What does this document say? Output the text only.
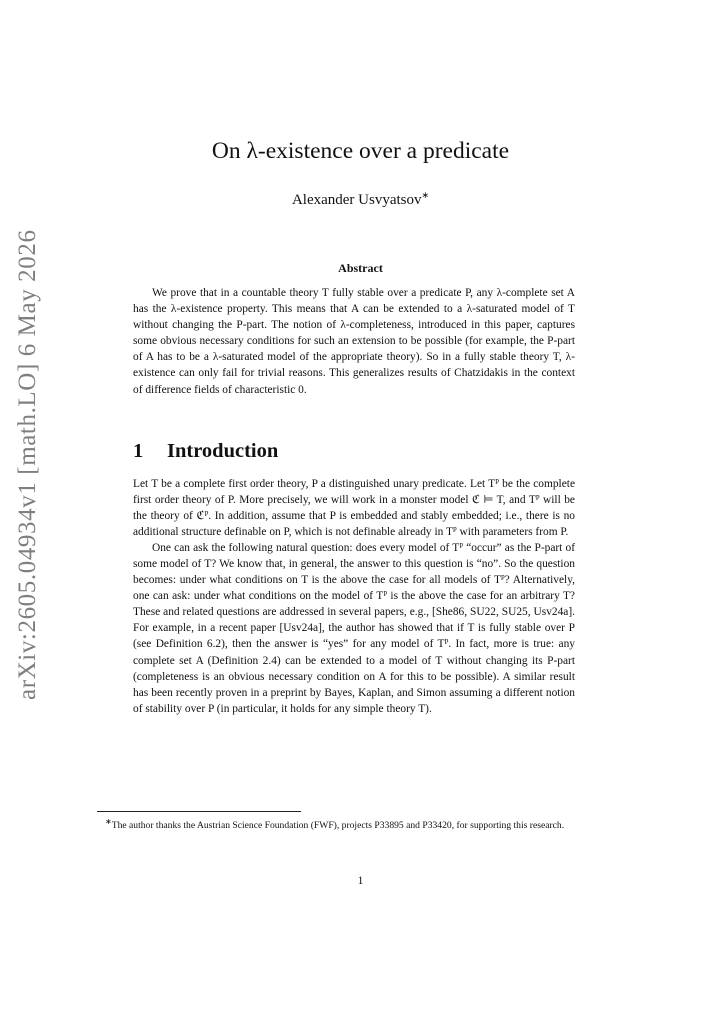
arXiv:2605.04934v1 [math.LO] 6 May 2026
On λ-existence over a predicate
Alexander Usvyatsov∗
Abstract

We prove that in a countable theory T fully stable over a predicate P, any λ-complete set A has the λ-existence property. This means that A can be extended to a λ-saturated model of T without changing the P-part. The notion of λ-completeness, introduced in this paper, captures some obvious necessary conditions for such an extension to be possible (for example, the P-part of A has to be a λ-saturated model of the appropriate theory). So in a fully stable theory T, λ-existence can only fail for trivial reasons. This generalizes results of Chatzidakis in the context of difference fields of characteristic 0.

1 Introduction

Let T be a complete first order theory, P a distinguished unary predicate. Let Tᴾ be the complete first order theory of P. More precisely, we will work in a monster model ℭ ⊨ T, and Tᴾ will be the theory of ℭᴾ. In addition, assume that P is embedded and stably embedded; i.e., there is no additional structure definable on P, which is not definable already in Tᴾ with parameters from P.

One can ask the following natural question: does every model of Tᴾ “occur” as the P-part of some model of T? We know that, in general, the answer to this question is “no”. So the question becomes: under what conditions on T is the above the case for all models of Tᴾ? Alternatively, one can ask: under what conditions on the model of Tᴾ is the above the case for an arbitrary T? These and related questions are addressed in several papers, e.g., [She86, SU22, SU25, Usv24a]. For example, in a recent paper [Usv24a], the author has showed that if T is fully stable over P (see Definition 6.2), then the answer is “yes” for any model of Tᴾ. In fact, more is true: any complete set A (Definition 2.4) can be extended to a model of T without changing its P-part (completeness is an obvious necessary condition on A for this to be possible). A similar result has been recently proven in a preprint by Bayes, Kaplan, and Simon assuming a different notion of stability over P (in particular, it holds for any simple theory T).

∗The author thanks the Austrian Science Foundation (FWF), projects P33895 and P33420, for supporting this research.
1
